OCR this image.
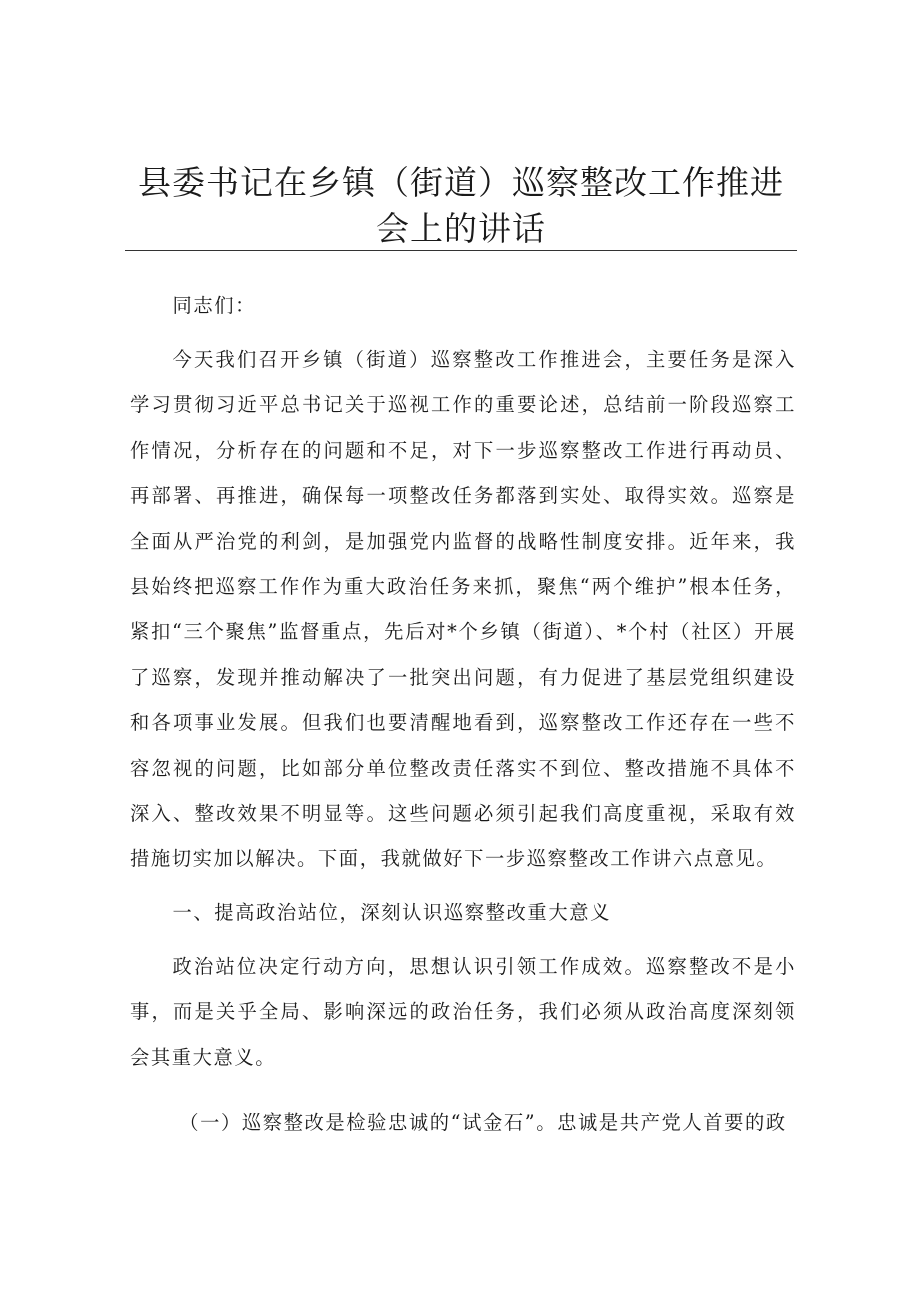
县委书记在乡镇（街道）巡察整改工作推进会上的讲话

同志们：

今天我们召开乡镇（街道）巡察整改工作推进会，主要任务是深入学习贯彻习近平总书记关于巡视工作的重要论述，总结前一阶段巡察工作情况，分析存在的问题和不足，对下一步巡察整改工作进行再动员、再部署、再推进，确保每一项整改任务都落到实处、取得实效。巡察是全面从严治党的利剑，是加强党内监督的战略性制度安排。近年来，我县始终把巡察工作作为重大政治任务来抓，聚焦“两个维护”根本任务，紧扣“三个聚焦”监督重点，先后对*个乡镇（街道）、*个村（社区）开展了巡察，发现并推动解决了一批突出问题，有力促进了基层党组织建设和各项事业发展。但我们也要清醒地看到，巡察整改工作还存在一些不容忽视的问题，比如部分单位整改责任落实不到位、整改措施不具体不深入、整改效果不明显等。这些问题必须引起我们高度重视，采取有效措施切实加以解决。下面，我就做好下一步巡察整改工作讲六点意见。

一、提高政治站位，深刻认识巡察整改重大意义

政治站位决定行动方向，思想认识引领工作成效。巡察整改不是小事，而是关乎全局、影响深远的政治任务，我们必须从政治高度深刻领会其重大意义。

（一）巡察整改是检验忠诚的“试金石”。忠诚是共产党人首要的政
